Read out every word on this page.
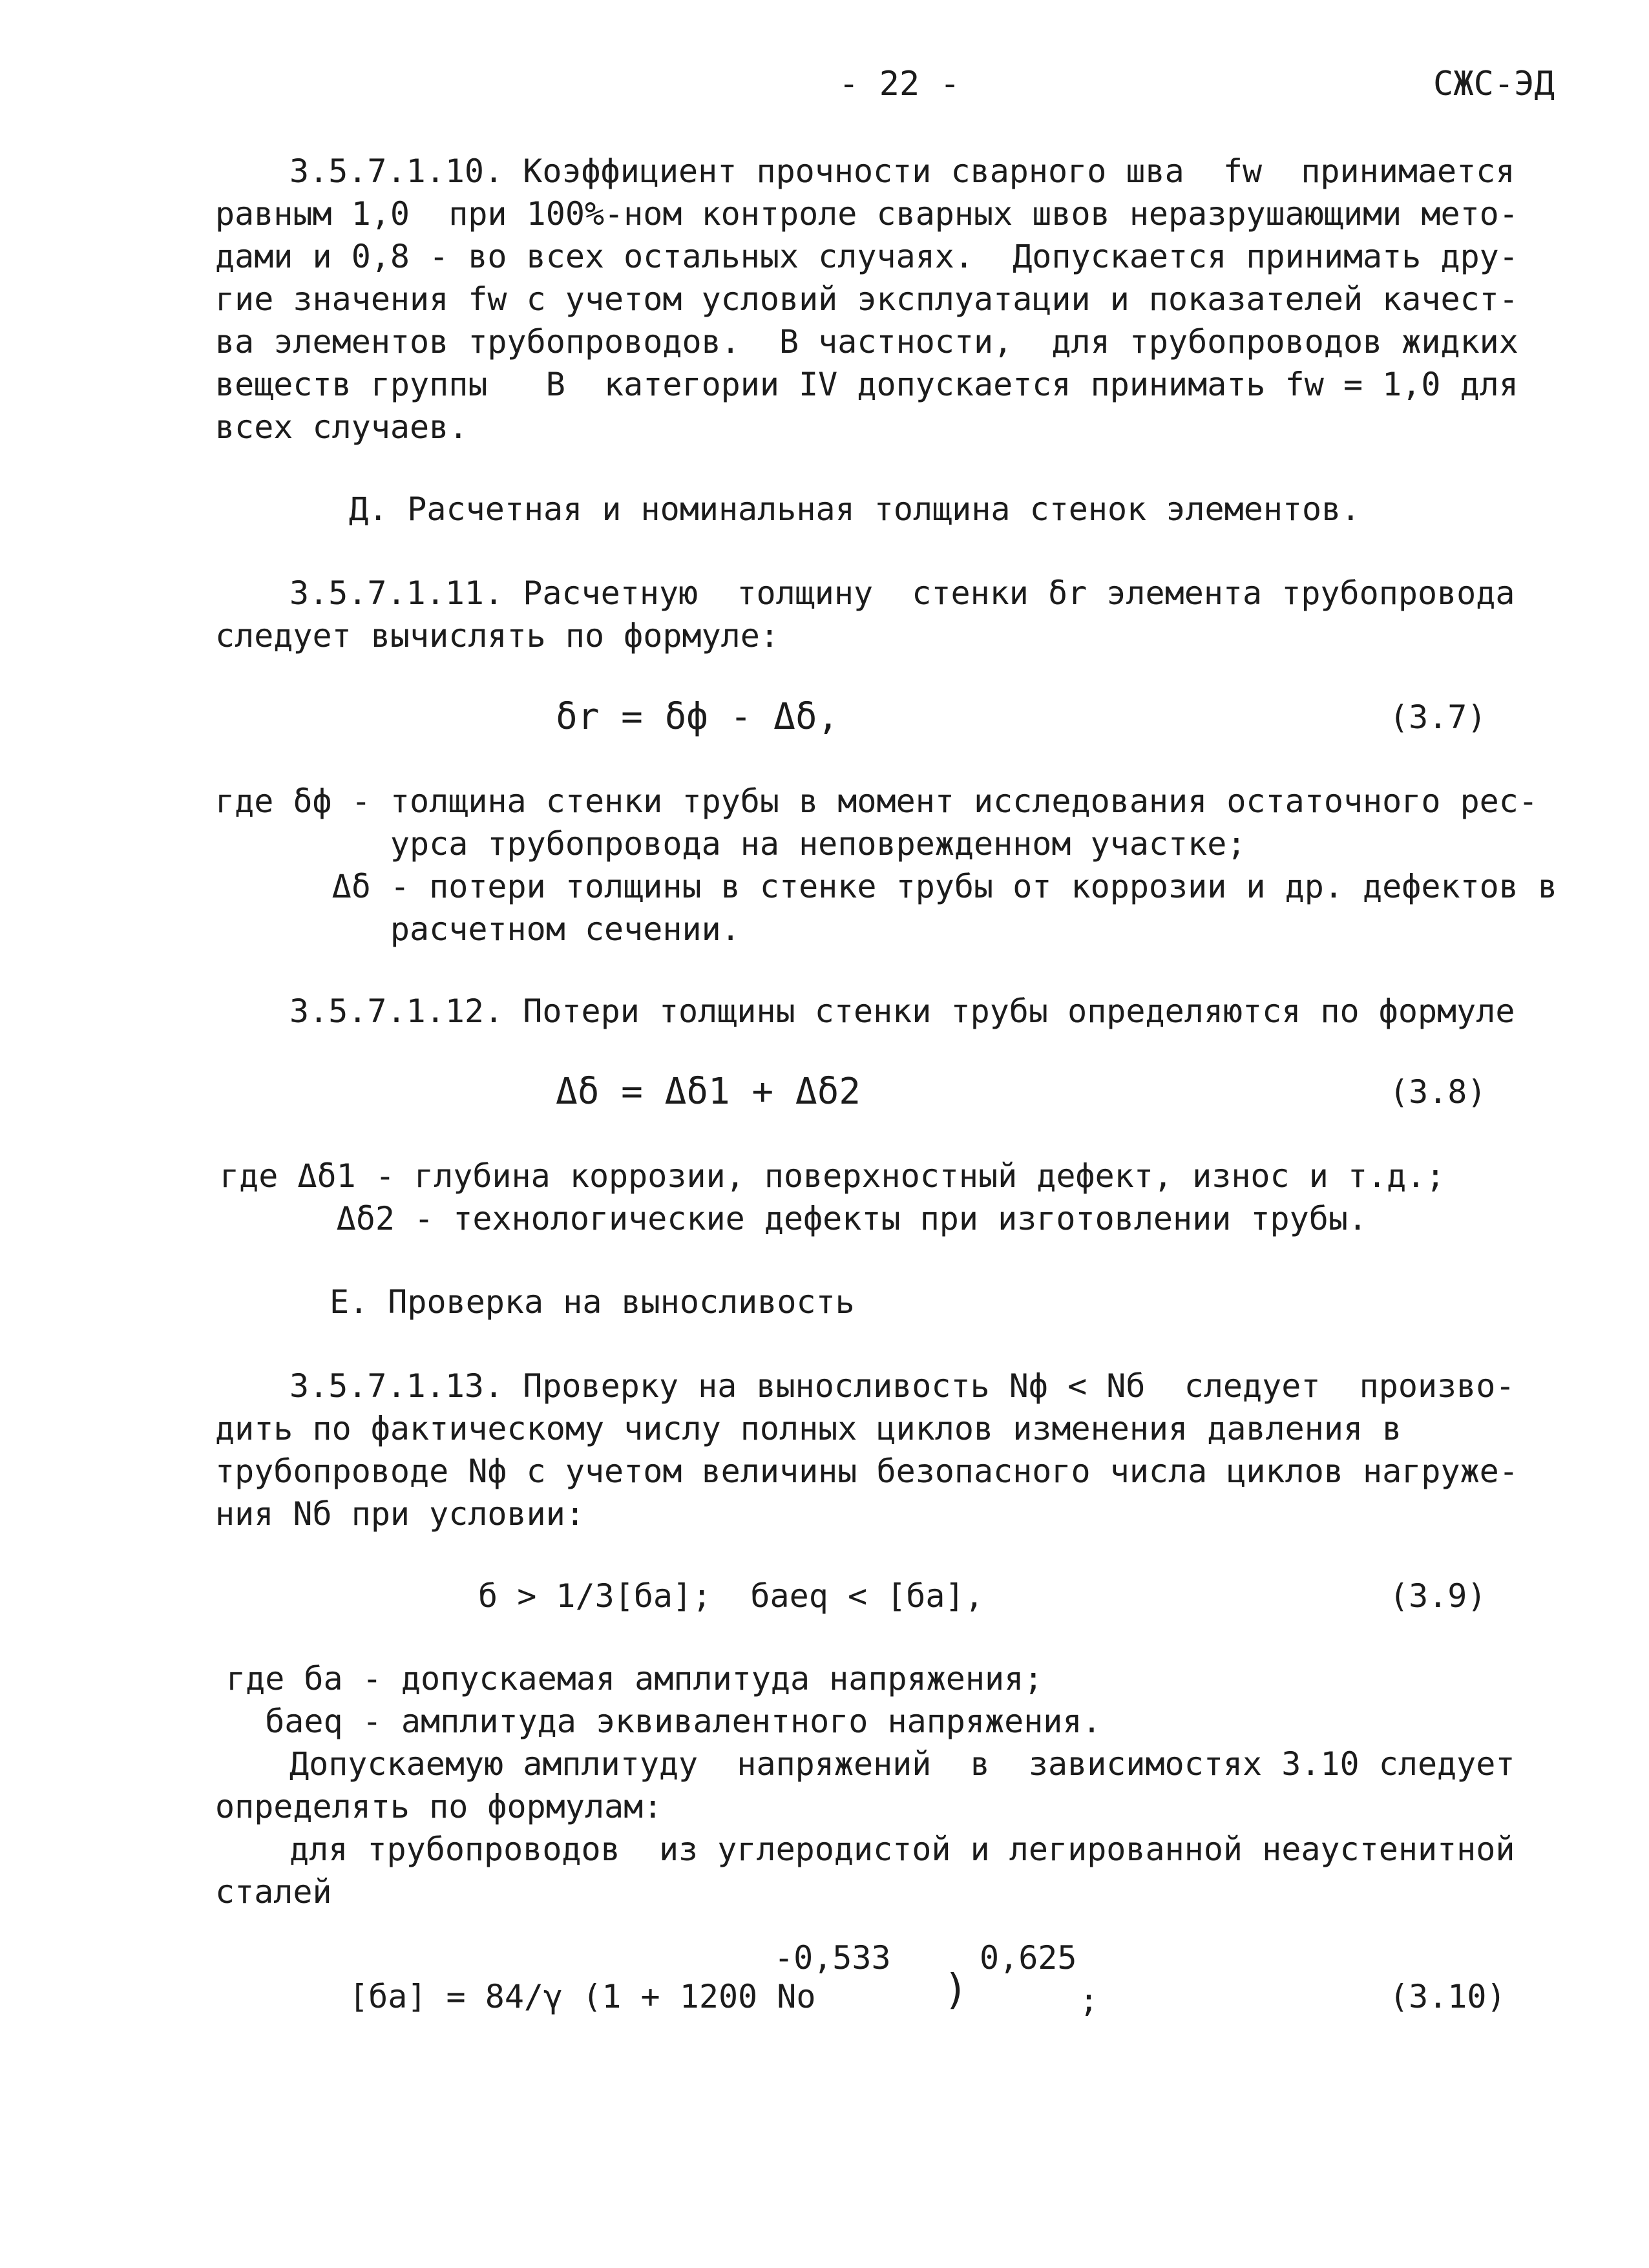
- 22 -	СЖС-ЭД
3.5.7.1.10. Коэффициент прочности сварного шва  fw  принимается
равным 1,0  при 100%-ном контроле сварных швов неразрушающими мето-
дами и 0,8 - во всех остальных случаях.  Допускается принимать дру-
гие значения fw с учетом условий эксплуатации и показателей качест-
ва элементов трубопроводов.  В частности,  для трубопроводов жидких
веществ группы   В  категории IV допускается принимать fw = 1,0 для
всех случаев.
Д. Расчетная и номинальная толщина стенок элементов.
3.5.7.1.11. Расчетную  толщину  стенки δr элемента трубопровода
следует вычислять по формуле:
δr = δф - Δδ,	(3.7)
где δф - толщина стенки трубы в момент исследования остаточного рес-
урса трубопровода на неповрежденном участке;
Δδ - потери толщины в стенке трубы от коррозии и др. дефектов в
расчетном сечении.
3.5.7.1.12. Потери толщины стенки трубы определяются по формуле
Δδ = Δδ1 + Δδ2	(3.8)
где Δδ1 - глубина коррозии, поверхностный дефект, износ и т.д.;
Δδ2 - технологические дефекты при изготовлении трубы.
Е. Проверка на выносливость
3.5.7.1.13. Проверку на выносливость Nф < Nб  следует  произво-
дить по фактическому числу полных циклов изменения давления в
трубопроводе Nф с учетом величины безопасного числа циклов нагруже-
ния Nб при условии:
б > 1/3[бa];  бaeq < [бa],	(3.9)
где бa - допускаемая амплитуда напряжения;
бaeq - амплитуда эквивалентного напряжения.
Допускаемую амплитуду  напряжений  в  зависимостях 3.10 следует
определять по формулам:
для трубопроводов  из углеродистой и легированной неаустенитной
сталей
-0,533	0,625
[бa] = 84/γ (1 + 1200 No	)	;	(3.10)
